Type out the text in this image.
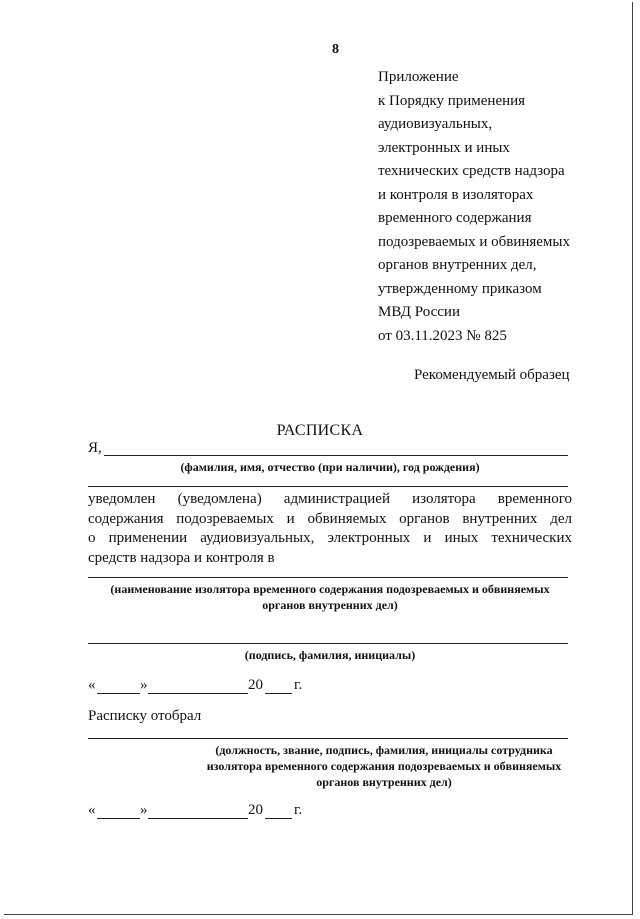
8
Приложение
к Порядку применения
аудиовизуальных,
электронных и иных
технических средств надзора
и контроля в изоляторах
временного содержания
подозреваемых и обвиняемых
органов внутренних дел,
утвержденному приказом
МВД России
от 03.11.2023 № 825
Рекомендуемый образец
РАСПИСКА
Я,
(фамилия, имя, отчество (при наличии), год рождения)
уведомлен (уведомлена) администрацией изолятора временного
содержания подозреваемых и обвиняемых органов внутренних дел
о применении аудиовизуальных, электронных и иных технических
средств надзора и контроля в
(наименование изолятора временного содержания подозреваемых и обвиняемых
органов внутренних дел)
(подпись, фамилия, инициалы)
«	»	20 г.
Расписку отобрал
(должность, звание, подпись, фамилия, инициалы сотрудника
изолятора временного содержания подозреваемых и обвиняемых
органов внутренних дел)
«	»	20 г.
